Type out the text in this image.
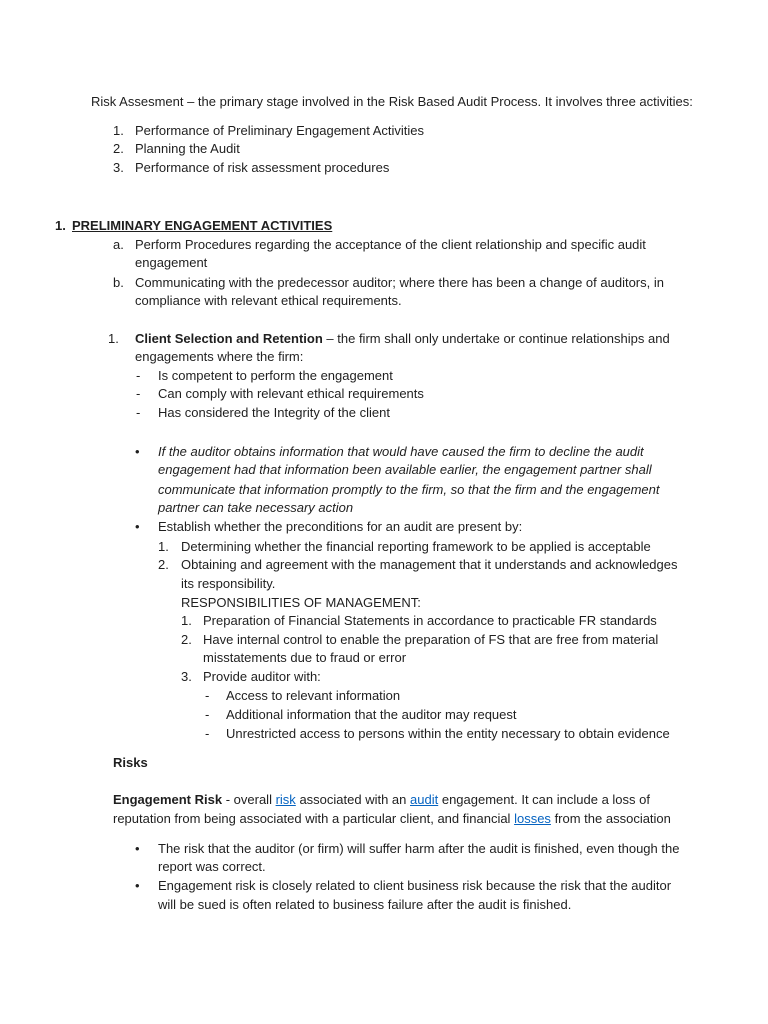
Risk Assesment – the primary stage involved in the Risk Based Audit Process. It involves three activities:
1. Performance of Preliminary Engagement Activities
2. Planning the Audit
3. Performance of risk assessment procedures
1. PRELIMINARY ENGAGEMENT ACTIVITIES
a. Perform Procedures regarding the acceptance of the client relationship and specific audit
engagement
b. Communicating with the predecessor auditor; where there has been a change of auditors, in
compliance with relevant ethical requirements.
1. Client Selection and Retention – the firm shall only undertake or continue relationships and
engagements where the firm:
- Is competent to perform the engagement
- Can comply with relevant ethical requirements
- Has considered the Integrity of the client
• If the auditor obtains information that would have caused the firm to decline the audit
engagement had that information been available earlier, the engagement partner shall
communicate that information promptly to the firm, so that the firm and the engagement
partner can take necessary action
• Establish whether the preconditions for an audit are present by:
1. Determining whether the financial reporting framework to be applied is acceptable
2. Obtaining and agreement with the management that it understands and acknowledges
its responsibility.
RESPONSIBILITIES OF MANAGEMENT:
1. Preparation of Financial Statements in accordance to practicable FR standards
2. Have internal control to enable the preparation of FS that are free from material
misstatements due to fraud or error
3. Provide auditor with:
- Access to relevant information
- Additional information that the auditor may request
- Unrestricted access to persons within the entity necessary to obtain evidence
Risks
Engagement Risk - overall risk associated with an audit engagement. It can include a loss of
reputation from being associated with a particular client, and financial losses from the association
• The risk that the auditor (or firm) will suffer harm after the audit is finished, even though the
report was correct.
• Engagement risk is closely related to client business risk because the risk that the auditor
will be sued is often related to business failure after the audit is finished.
